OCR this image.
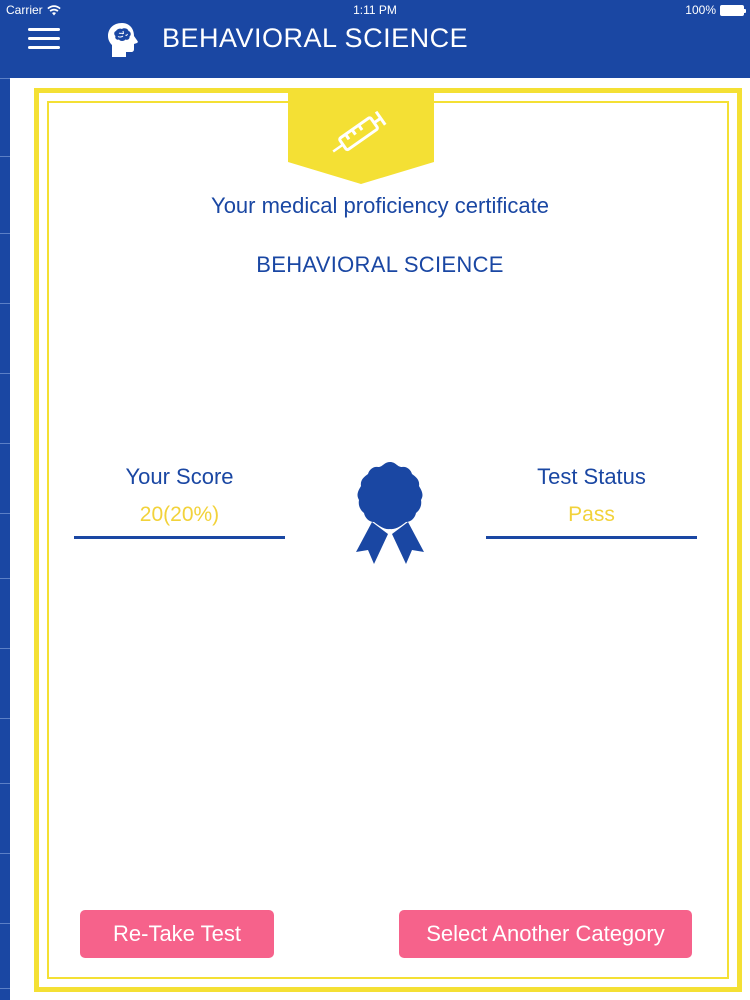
Carrier	1:11 PM	100%
BEHAVIORAL SCIENCE
Your medical proficiency certificate
BEHAVIORAL SCIENCE
Your Score
20(20%)
Test Status
Pass
Re-Take Test	Select Another Category
